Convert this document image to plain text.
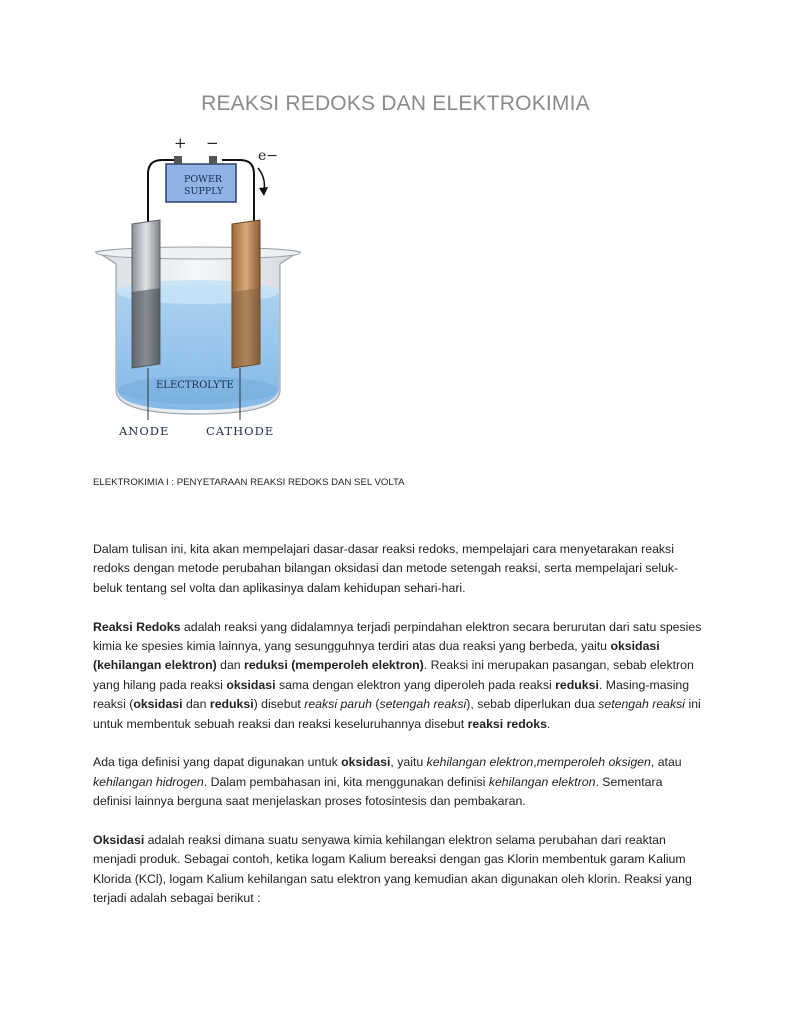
REAKSI REDOKS DAN ELEKTROKIMIA
POWER
SUPPLY
+ −
e−
ELECTROLYTE
ANODE	CATHODE

ELEKTROKIMIA I : PENYETARAAN REAKSI REDOKS DAN SEL VOLTA

Dalam tulisan ini, kita akan mempelajari dasar-dasar reaksi redoks, mempelajari cara menyetarakan reaksi redoks dengan metode perubahan bilangan oksidasi dan metode setengah reaksi, serta mempelajari seluk-beluk tentang sel volta dan aplikasinya dalam kehidupan sehari-hari.

Reaksi Redoks adalah reaksi yang didalamnya terjadi perpindahan elektron secara berurutan dari satu spesies kimia ke spesies kimia lainnya, yang sesungguhnya terdiri atas dua reaksi yang berbeda, yaitu oksidasi (kehilangan elektron) dan reduksi (memperoleh elektron). Reaksi ini merupakan pasangan, sebab elektron yang hilang pada reaksi oksidasi sama dengan elektron yang diperoleh pada reaksi reduksi. Masing-masing reaksi (oksidasi dan reduksi) disebut reaksi paruh (setengah reaksi), sebab diperlukan dua setengah reaksi ini untuk membentuk sebuah reaksi dan reaksi keseluruhannya disebut reaksi redoks.

Ada tiga definisi yang dapat digunakan untuk oksidasi, yaitu kehilangan elektron,memperoleh oksigen, atau kehilangan hidrogen. Dalam pembahasan ini, kita menggunakan definisi kehilangan elektron. Sementara definisi lainnya berguna saat menjelaskan proses fotosintesis dan pembakaran.

Oksidasi adalah reaksi dimana suatu senyawa kimia kehilangan elektron selama perubahan dari reaktan menjadi produk. Sebagai contoh, ketika logam Kalium bereaksi dengan gas Klorin membentuk garam Kalium Klorida (KCl), logam Kalium kehilangan satu elektron yang kemudian akan digunakan oleh klorin. Reaksi yang terjadi adalah sebagai berikut :
